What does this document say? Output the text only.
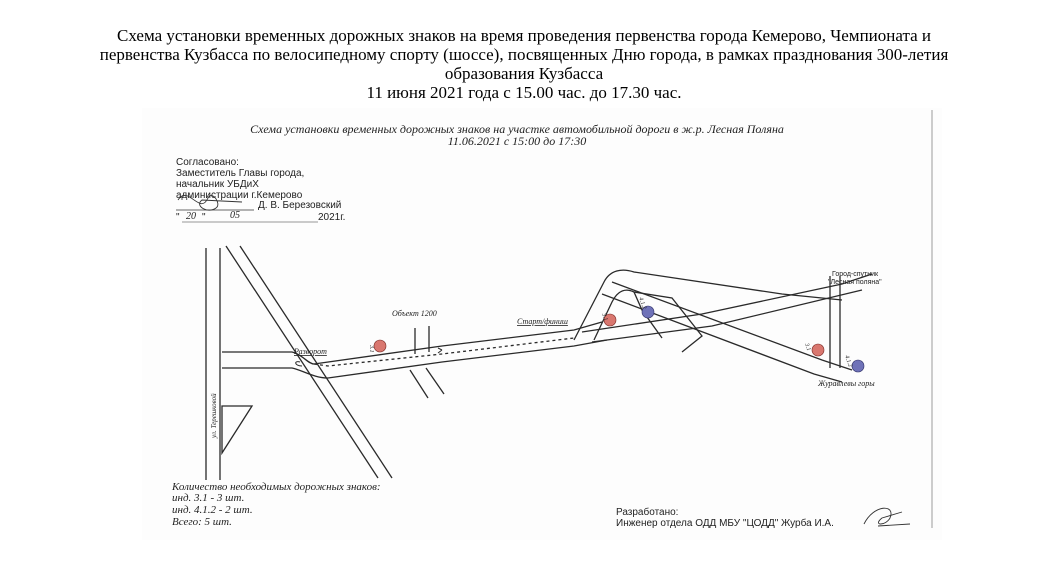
Схема установки временных дорожных знаков на время проведения первенства города Кемерово, Чемпионата и
первенства Кузбасса по велосипедному спорту (шоссе), посвященных Дню города, в рамках празднования 300-летия
образования Кузбасса
11 июня 2021 года с 15.00 час. до 17.30 час.
Схема установки временных дорожных знаков на участке автомобильной дороги в ж.р. Лесная Поляна
11.06.2021 с 15:00 до 17:30
Согласовано:
Заместитель Главы города,
начальник УБДиХ
администрации г.Кемерово
Д. В. Березовский
" 20 " 05	2021г.
Объект 1200
Старт/финиш
Разворот
ул. Терешковой
Город-спутник
"Лесная поляна"
Журавлевы горы
3.1
3.1
4.1.2
3.1
4.1.2
Количество необходимых дорожных знаков:
инд. 3.1 - 3 шт.
инд. 4.1.2 - 2 шт.
Всего: 5 шт.
Разработано:
Инженер отдела ОДД МБУ "ЦОДД" Журба И.А.
